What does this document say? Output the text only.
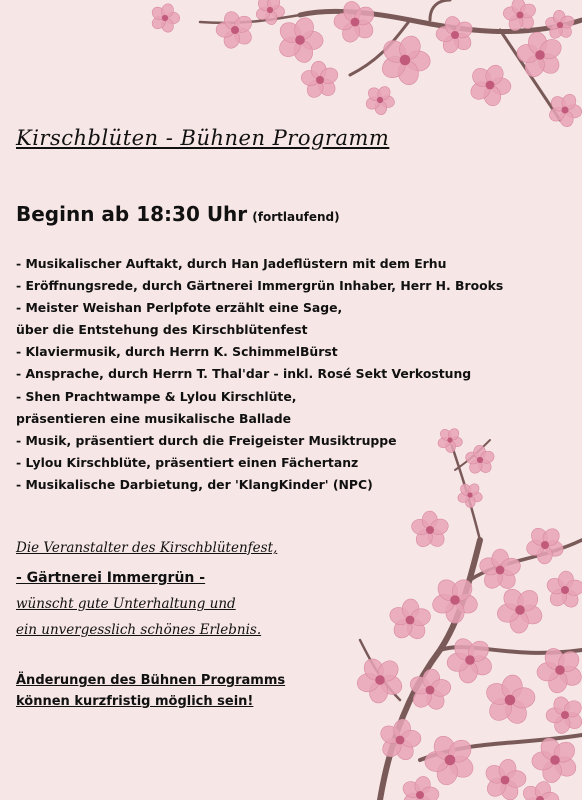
Kirschblüten - Bühnen Programm
Beginn ab 18:30 Uhr (fortlaufend)
- Musikalischer Auftakt, durch Han Jadeflüstern mit dem Erhu
- Eröffnungsrede, durch Gärtnerei Immergrün Inhaber, Herr H. Brooks
- Meister Weishan Perlpfote erzählt eine Sage,
über die Entstehung des Kirschblütenfest
- Klaviermusik, durch Herrn K. SchimmelBürst
- Ansprache, durch Herrn T. Thal'dar - inkl. Rosé Sekt Verkostung
- Shen Prachtwampe & Lylou Kirschlüte,
präsentieren eine musikalische Ballade
- Musik, präsentiert durch die Freigeister Musiktruppe
- Lylou Kirschblüte, präsentiert einen Fächertanz
- Musikalische Darbietung, der 'KlangKinder' (NPC)

Die Veranstalter des Kirschblütenfest,

- Gärtnerei Immergrün -

wünscht gute Unterhaltung und

ein unvergesslich schönes Erlebnis.

Änderungen des Bühnen Programms
können kurzfristig möglich sein!
